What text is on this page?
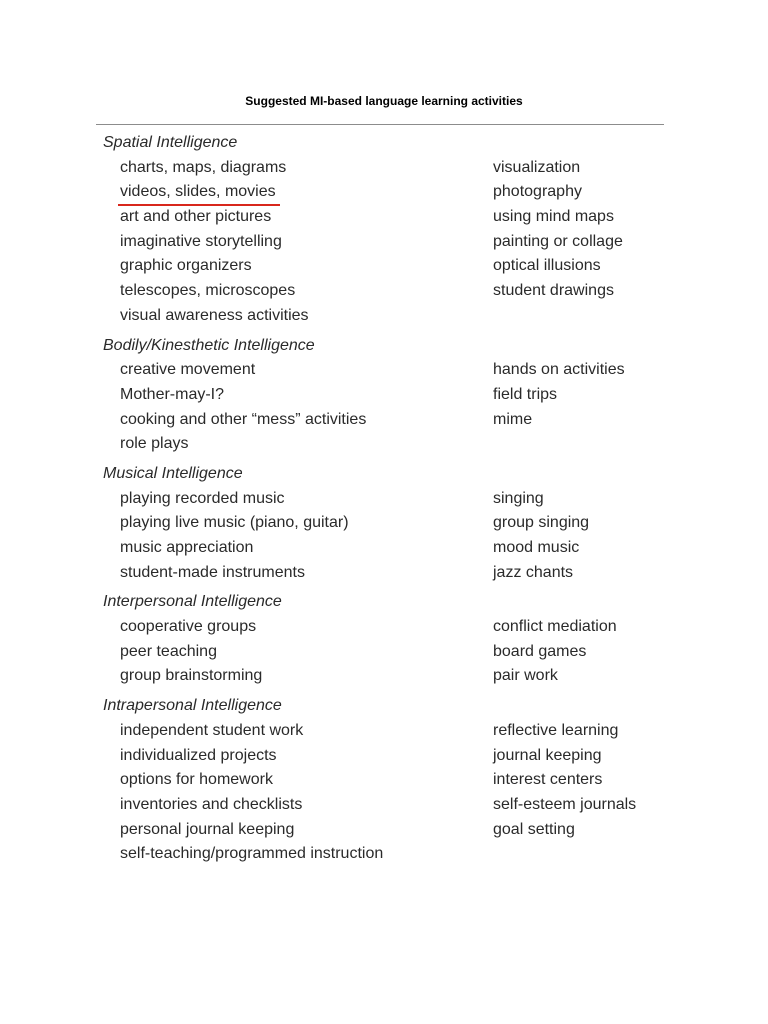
Suggested MI-based language learning activities
Spatial Intelligence
charts, maps, diagrams	visualization
videos, slides, movies	photography
art and other pictures	using mind maps
imaginative storytelling	painting or collage
graphic organizers	optical illusions
telescopes, microscopes	student drawings
visual awareness activities
Bodily/Kinesthetic Intelligence
creative movement	hands on activities
Mother-may-I?	field trips
cooking and other “mess” activities	mime
role plays
Musical Intelligence
playing recorded music	singing
playing live music (piano, guitar)	group singing
music appreciation	mood music
student-made instruments	jazz chants
Interpersonal Intelligence
cooperative groups	conflict mediation
peer teaching	board games
group brainstorming	pair work
Intrapersonal Intelligence
independent student work	reflective learning
individualized projects	journal keeping
options for homework	interest centers
inventories and checklists	self-esteem journals
personal journal keeping	goal setting
self-teaching/programmed instruction
